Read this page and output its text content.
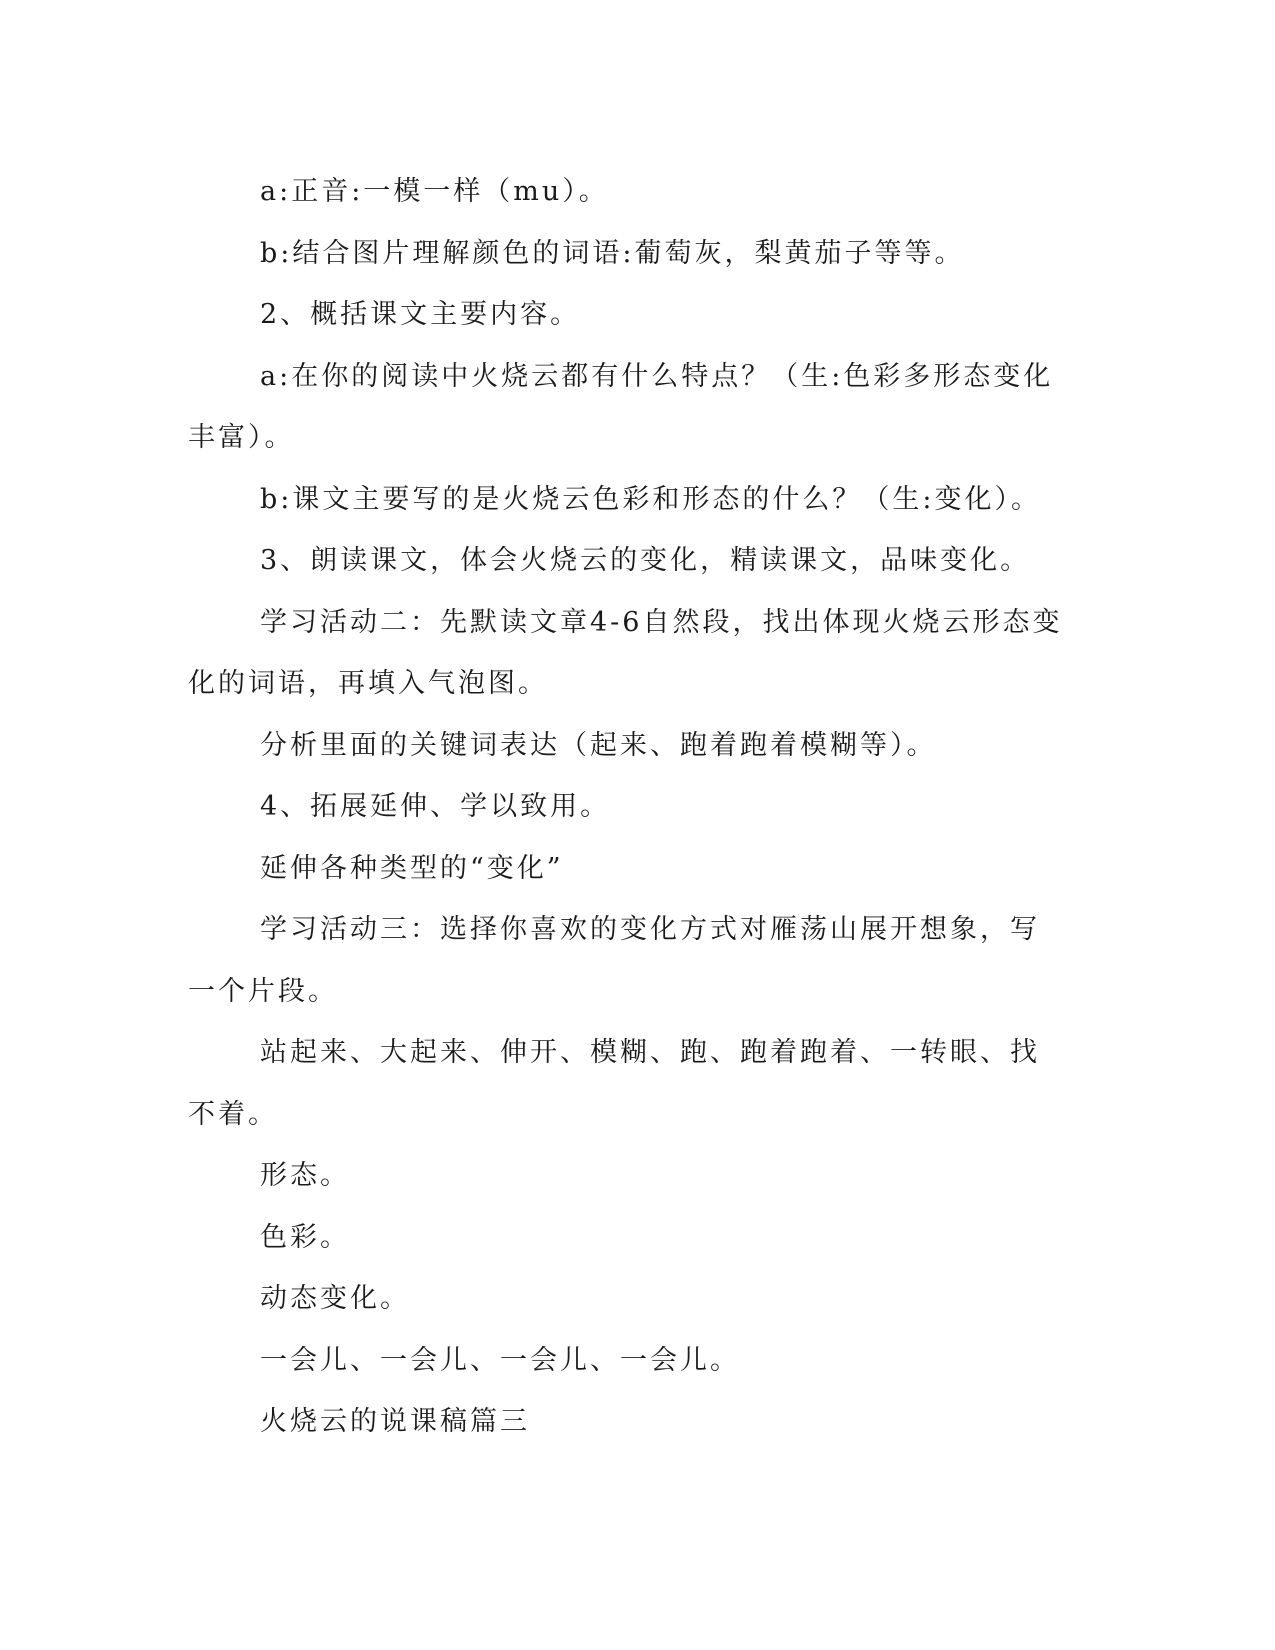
a:正音:一模一样（mu）。

b:结合图片理解颜色的词语:葡萄灰，梨黄茄子等等。

2、概括课文主要内容。

a:在你的阅读中火烧云都有什么特点？（生:色彩多形态变化丰富）。

b:课文主要写的是火烧云色彩和形态的什么？（生:变化）。

3、朗读课文，体会火烧云的变化，精读课文，品味变化。

学习活动二：先默读文章4-6自然段，找出体现火烧云形态变化的词语，再填入气泡图。

分析里面的关键词表达（起来、跑着跑着模糊等）。

4、拓展延伸、学以致用。

延伸各种类型的“变化”

学习活动三：选择你喜欢的变化方式对雁荡山展开想象，写一个片段。

站起来、大起来、伸开、模糊、跑、跑着跑着、一转眼、找不着。

形态。

色彩。

动态变化。

一会儿、一会儿、一会儿、一会儿。

火烧云的说课稿篇三
